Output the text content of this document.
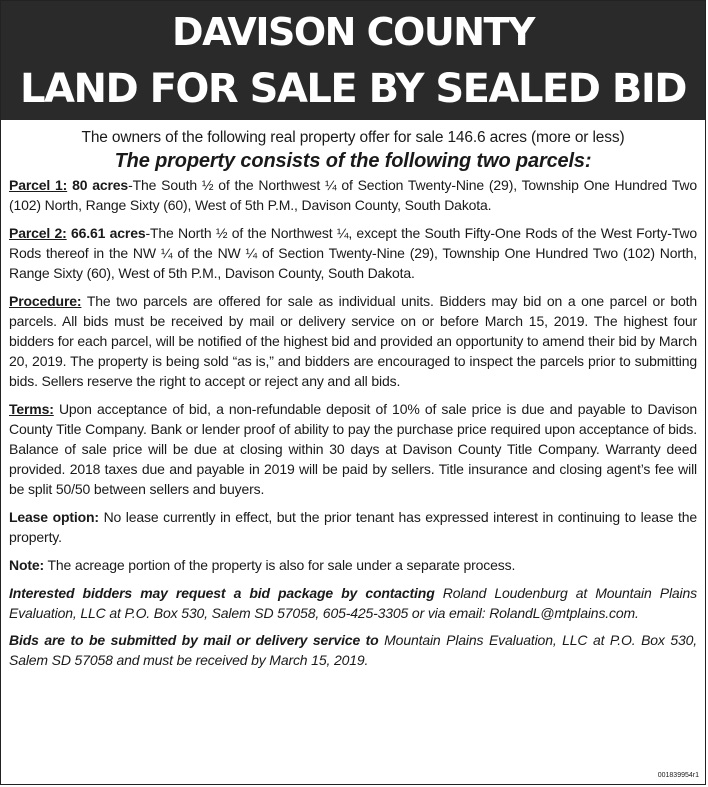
DAVISON COUNTY
LAND FOR SALE BY SEALED BID
The owners of the following real property offer for sale 146.6 acres (more or less)
The property consists of the following two parcels:

Parcel 1: 80 acres-The South ½ of the Northwest ¼ of Section Twenty-Nine (29), Township One Hundred Two (102) North, Range Sixty (60), West of 5th P.M., Davison County, South Dakota.

Parcel 2: 66.61 acres-The North ½ of the Northwest ¼, except the South Fifty-One Rods of the West Forty-Two Rods thereof in the NW ¼ of the NW ¼ of Section Twenty-Nine (29), Township One Hundred Two (102) North, Range Sixty (60), West of 5th P.M., Davison County, South Dakota.

Procedure: The two parcels are offered for sale as individual units. Bidders may bid on a one parcel or both parcels. All bids must be received by mail or delivery service on or before March 15, 2019. The highest four bidders for each parcel, will be notified of the highest bid and provided an opportunity to amend their bid by March 20, 2019. The property is being sold “as is,” and bidders are encouraged to inspect the parcels prior to submitting bids. Sellers reserve the right to accept or reject any and all bids.

Terms: Upon acceptance of bid, a non-refundable deposit of 10% of sale price is due and payable to Davison County Title Company. Bank or lender proof of ability to pay the purchase price required upon acceptance of bids. Balance of sale price will be due at closing within 30 days at Davison County Title Company. Warranty deed provided. 2018 taxes due and payable in 2019 will be paid by sellers. Title insurance and closing agent’s fee will be split 50/50 between sellers and buyers.

Lease option: No lease currently in effect, but the prior tenant has expressed interest in continuing to lease the property.

Note: The acreage portion of the property is also for sale under a separate process.

Interested bidders may request a bid package by contacting Roland Loudenburg at Mountain Plains Evaluation, LLC at P.O. Box 530, Salem SD 57058, 605-425-3305 or via email: RolandL@mtplains.com.

Bids are to be submitted by mail or delivery service to Mountain Plains Evaluation, LLC at P.O. Box 530, Salem SD 57058 and must be received by March 15, 2019.

001839954r1
